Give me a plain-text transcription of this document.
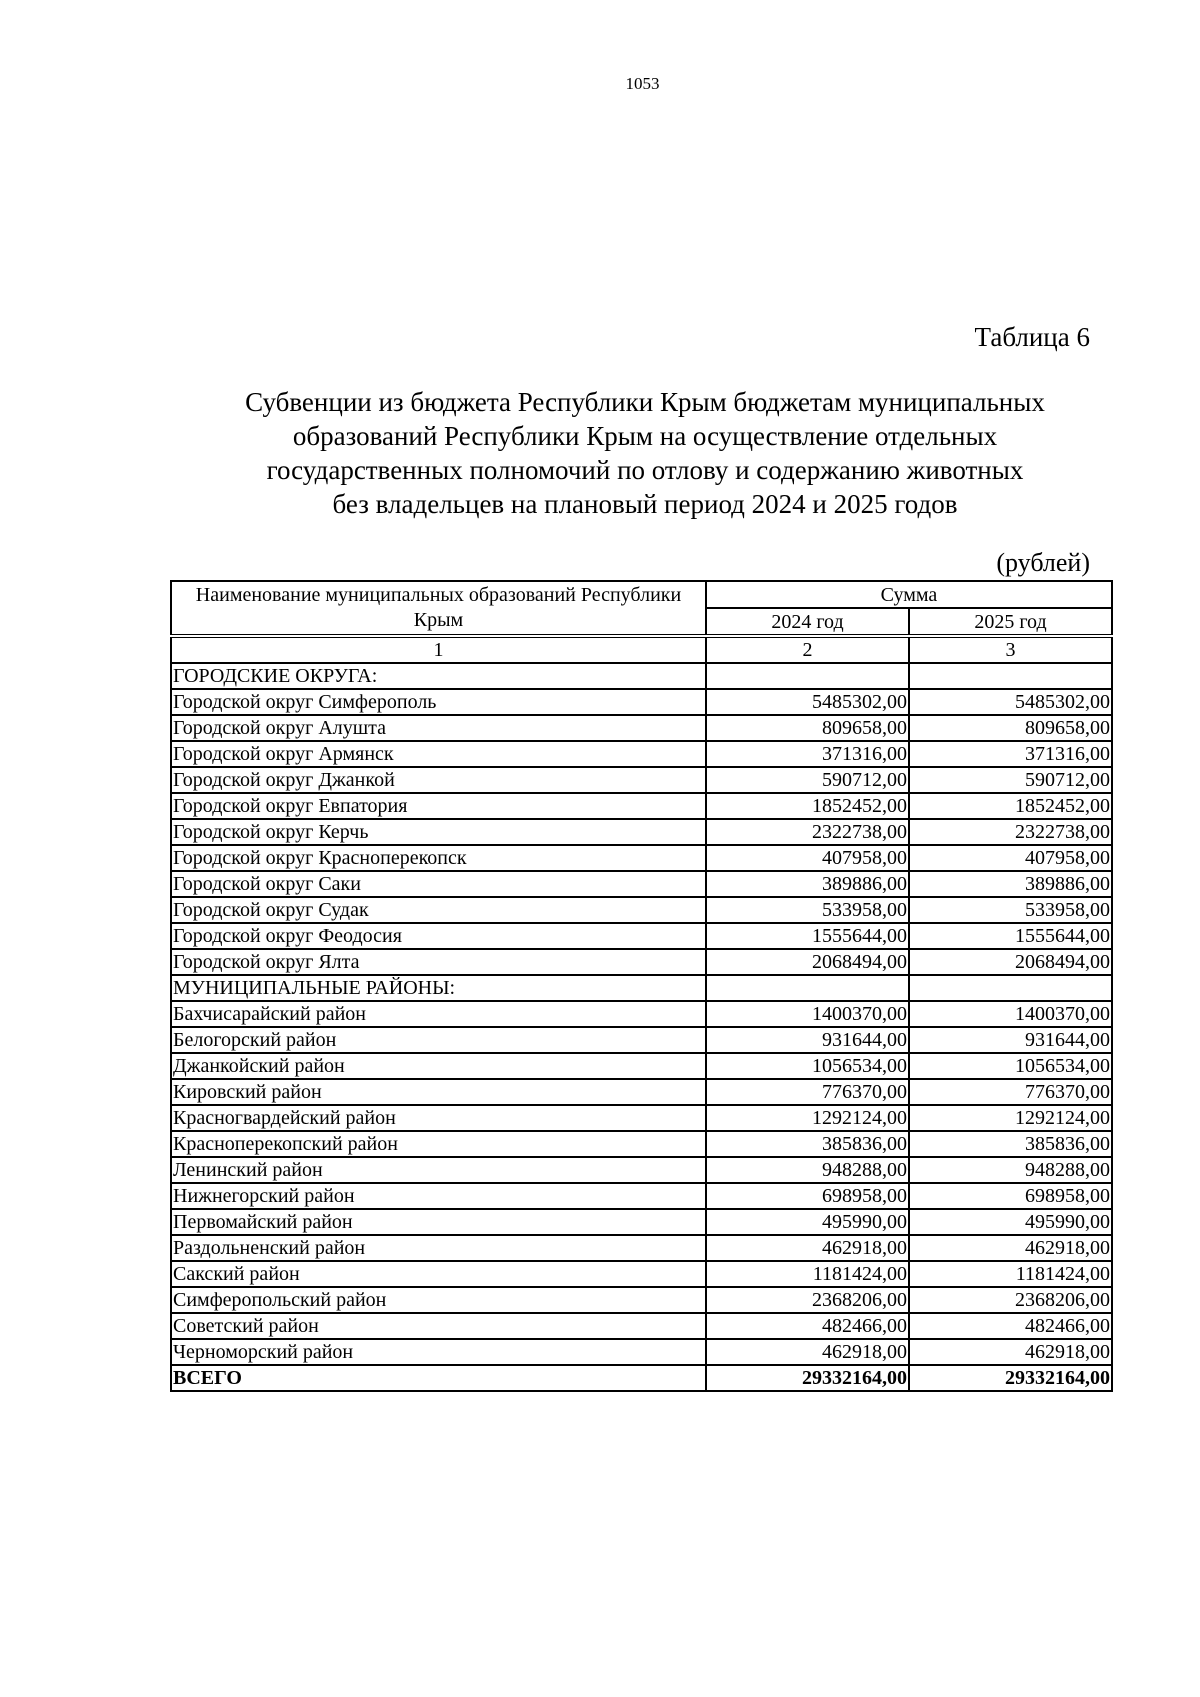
1053
Таблица 6
Субвенции из бюджета Республики Крым бюджетам муниципальных
образований Республики Крым на осуществление отдельных
государственных полномочий по отлову и содержанию животных
без владельцев на плановый период 2024 и 2025 годов
(рублей)
Наименование муниципальных образований Республики Крым	Сумма	
	2024 год	2025 год
1	2	3
ГОРОДСКИЕ ОКРУГА:		
Городской округ Симферополь	5485302,00	5485302,00
Городской округ Алушта	809658,00	809658,00
Городской округ Армянск	371316,00	371316,00
Городской округ Джанкой	590712,00	590712,00
Городской округ Евпатория	1852452,00	1852452,00
Городской округ Керчь	2322738,00	2322738,00
Городской округ Красноперекопск	407958,00	407958,00
Городской округ Саки	389886,00	389886,00
Городской округ Судак	533958,00	533958,00
Городской округ Феодосия	1555644,00	1555644,00
Городской округ Ялта	2068494,00	2068494,00
МУНИЦИПАЛЬНЫЕ РАЙОНЫ:		
Бахчисарайский район	1400370,00	1400370,00
Белогорский район	931644,00	931644,00
Джанкойский район	1056534,00	1056534,00
Кировский район	776370,00	776370,00
Красногвардейский район	1292124,00	1292124,00
Красноперекопский район	385836,00	385836,00
Ленинский район	948288,00	948288,00
Нижнегорский район	698958,00	698958,00
Первомайский район	495990,00	495990,00
Раздольненский район	462918,00	462918,00
Сакский район	1181424,00	1181424,00
Симферопольский район	2368206,00	2368206,00
Советский район	482466,00	482466,00
Черноморский район	462918,00	462918,00
ВСЕГО	29332164,00	29332164,00
